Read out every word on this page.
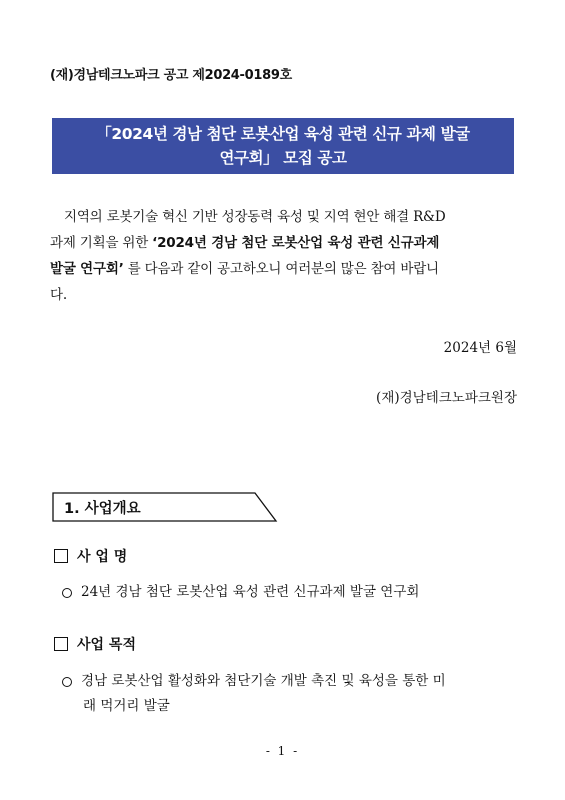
(재)경남테크노파크 공고 제2024-0189호
「2024년 경남 첨단 로봇산업 육성 관련 신규 과제 발굴
연구회」 모집 공고
지역의 로봇기술 혁신 기반 성장동력 육성 및 지역 현안 해결 R&D
과제 기획을 위한 ‘2024년 경남 첨단 로봇산업 육성 관련 신규과제
발굴 연구회’ 를 다음과 같이 공고하오니 여러분의 많은 참여 바랍니
다.
2024년 6월
(재)경남테크노파크원장
1. 사업개요
사 업 명
24년 경남 첨단 로봇산업 육성 관련 신규과제 발굴 연구회
사업 목적
경남 로봇산업 활성화와 첨단기술 개발 촉진 및 육성을 통한 미
래 먹거리 발굴
- 1 -
